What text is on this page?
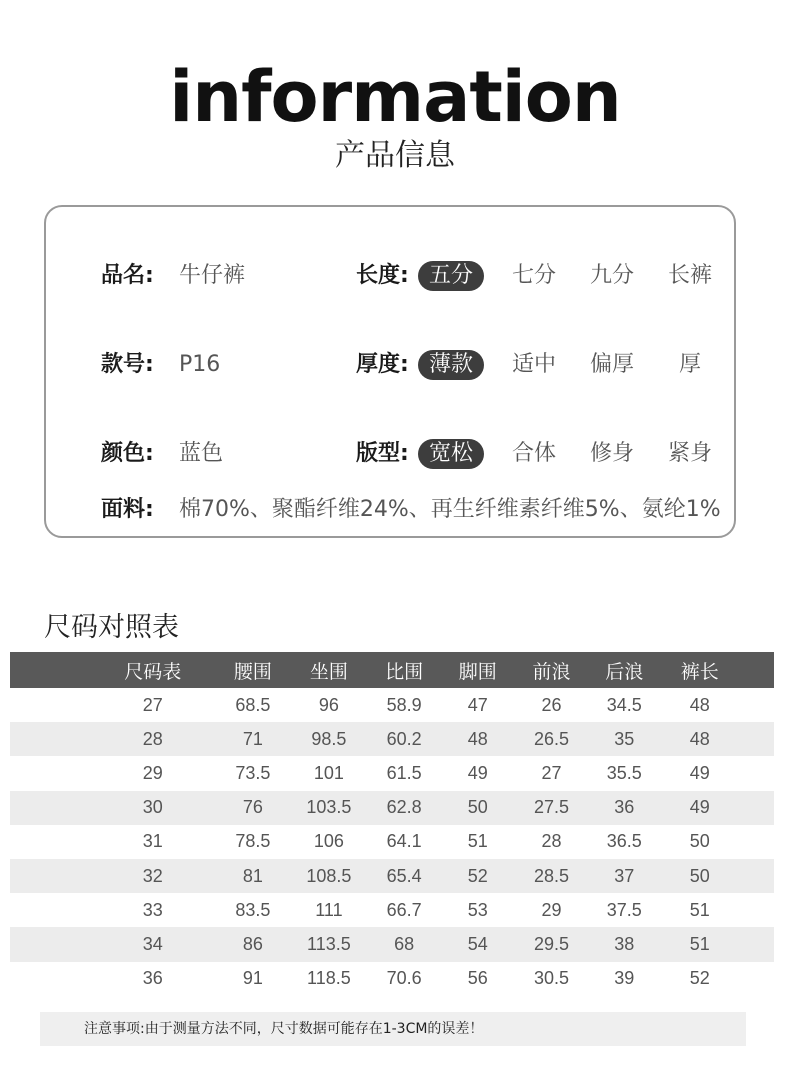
information
产品信息
品名:	牛仔裤
款号:	P16
颜色:	蓝色
面料:	棉70%、聚酯纤维24%、再生纤维素纤维5%、氨纶1%
长度: 五分	七分	九分	长裤
厚度: 薄款	适中	偏厚	厚
版型: 宽松	合体	修身	紧身
尺码对照表
尺码表	腰围	坐围	比围	脚围	前浪	后浪	裤长	
27	68.5	96	58.9	47	26	34.5	48	
28	71	98.5	60.2	48	26.5	35	48	
29	73.5	101	61.5	49	27	35.5	49	
30	76	103.5	62.8	50	27.5	36	49	
31	78.5	106	64.1	51	28	36.5	50	
32	81	108.5	65.4	52	28.5	37	50	
33	83.5	111	66.7	53	29	37.5	51	
34	86	113.5	68	54	29.5	38	51	
36	91	118.5	70.6	56	30.5	39	52	
注意事项:由于测量方法不同，尺寸数据可能存在1-3CM的误差！
